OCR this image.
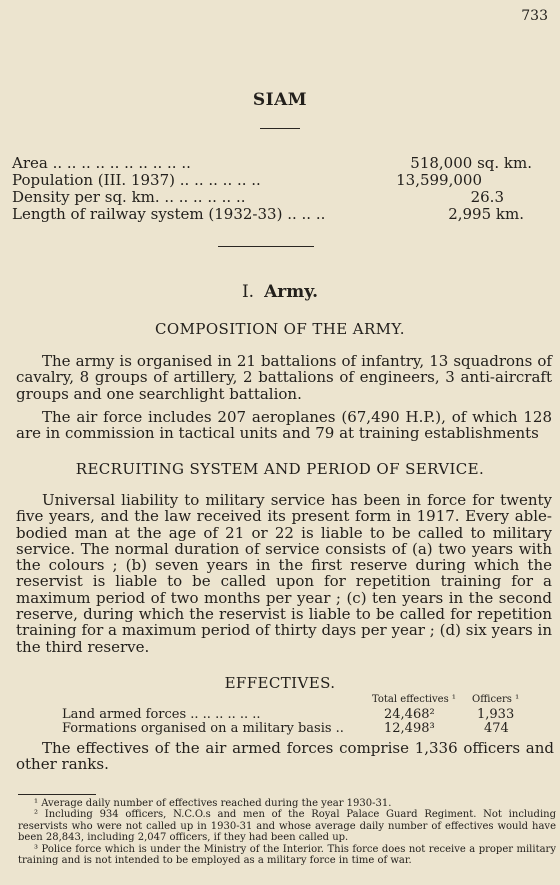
733
SIAM
Area .. .. .. .. .. .. .. .. .. ..	518,000 sq. km.
Population (III. 1937) .. .. .. .. .. ..	13,599,000
Density per sq. km. .. .. .. .. .. ..	26.3
Length of railway system (1932-33) .. .. ..	2,995 km.
I. Army.
COMPOSITION OF THE ARMY.

The army is organised in 21 battalions of infantry, 13 squadrons of cavalry, 8 groups of artillery, 2 battalions of engineers, 3 anti-aircraft groups and one searchlight battalion.

The air force includes 207 aeroplanes (67,490 H.P.), of which 128 are in commission in tactical units and 79 at training establishments

RECRUITING SYSTEM AND PERIOD OF SERVICE.

Universal liability to military service has been in force for twenty five years, and the law received its present form in 1917. Every able-bodied man at the age of 21 or 22 is liable to be called to military service. The normal duration of service consists of (a) two years with the colours ; (b) seven years in the first reserve during which the reservist is liable to be called upon for repetition training for a maximum period of two months per year ; (c) ten years in the second reserve, during which the reservist is liable to be called for repetition training for a maximum period of thirty days per year ; (d) six years in the third reserve.

EFFECTIVES.
Total effectives ¹ Officers ¹
Land armed forces .. .. .. .. .. ..	24,468²	1,933
Formations organised on a military basis ..	12,498³	474

The effectives of the air armed forces comprise 1,336 officers and other ranks.

¹ Average daily number of effectives reached during the year 1930-31.

² Including 934 officers, N.C.O.s and men of the Royal Palace Guard Regiment. Not including reservists who were not called up in 1930-31 and whose average daily number of effectives would have been 28,843, including 2,047 officers, if they had been called up.

³ Police force which is under the Ministry of the Interior. This force does not receive a proper military training and is not intended to be employed as a military force in time of war.
